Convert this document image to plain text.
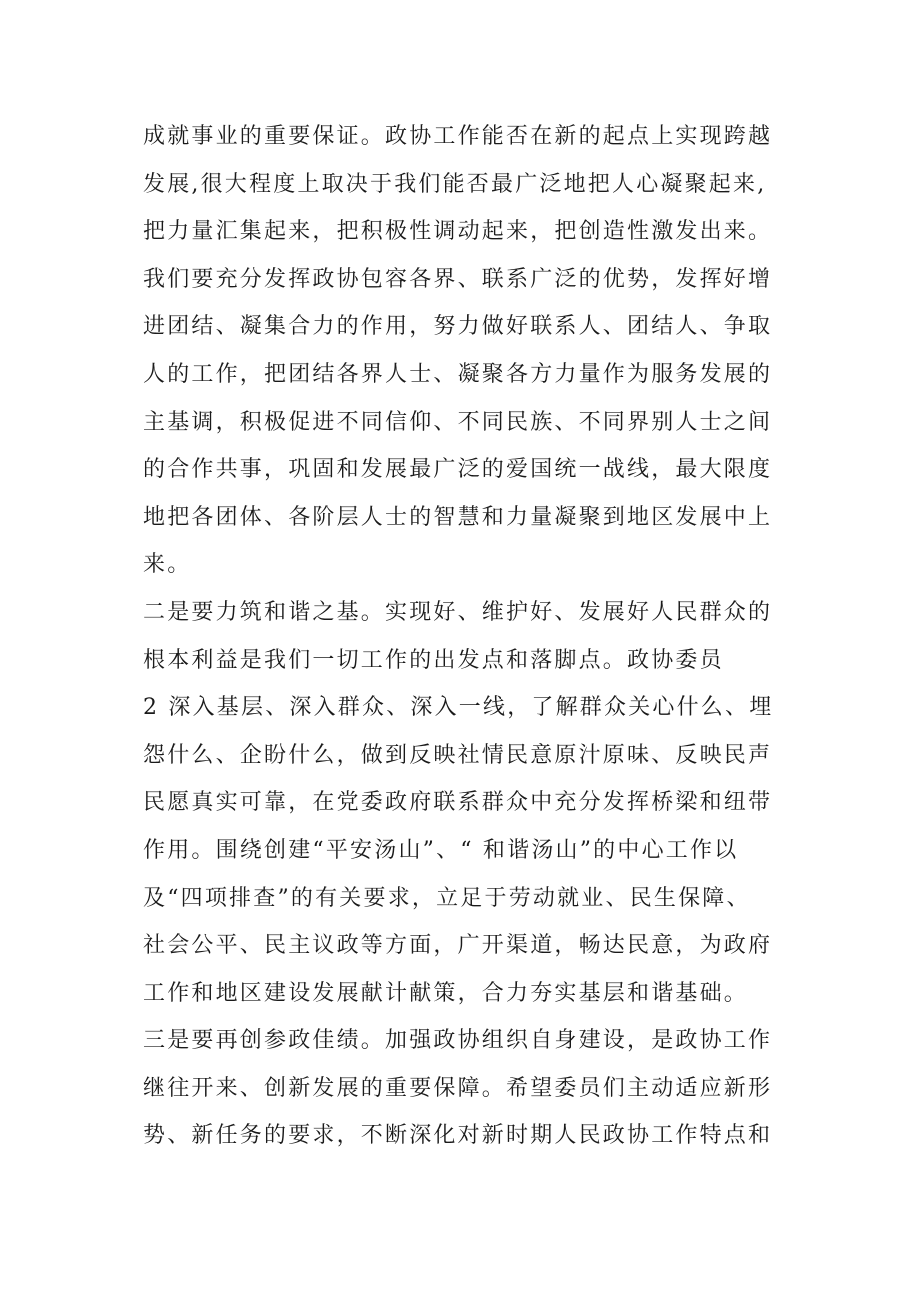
成就事业的重要保证。政协工作能否在新的起点上实现跨越
发展,很大程度上取决于我们能否最广泛地把人心凝聚起来,
把力量汇集起来，把积极性调动起来，把创造性激发出来。
我们要充分发挥政协包容各界、联系广泛的优势，发挥好增
进团结、凝集合力的作用，努力做好联系人、团结人、争取
人的工作，把团结各界人士、凝聚各方力量作为服务发展的
主基调，积极促进不同信仰、不同民族、不同界别人士之间
的合作共事，巩固和发展最广泛的爱国统一战线，最大限度
地把各团体、各阶层人士的智慧和力量凝聚到地区发展中上
来。
二是要力筑和谐之基。实现好、维护好、发展好人民群众的
根本利益是我们一切工作的出发点和落脚点。政协委员
2 深入基层、深入群众、深入一线，了解群众关心什么、埋
怨什么、企盼什么，做到反映社情民意原汁原味、反映民声
民愿真实可靠，在党委政府联系群众中充分发挥桥梁和纽带
作用。围绕创建“平安汤山”、“ 和谐汤山”的中心工作以
及“四项排查”的有关要求，立足于劳动就业、民生保障、
社会公平、民主议政等方面，广开渠道，畅达民意，为政府
工作和地区建设发展献计献策，合力夯实基层和谐基础。
三是要再创参政佳绩。加强政协组织自身建设，是政协工作
继往开来、创新发展的重要保障。希望委员们主动适应新形
势、新任务的要求，不断深化对新时期人民政协工作特点和
